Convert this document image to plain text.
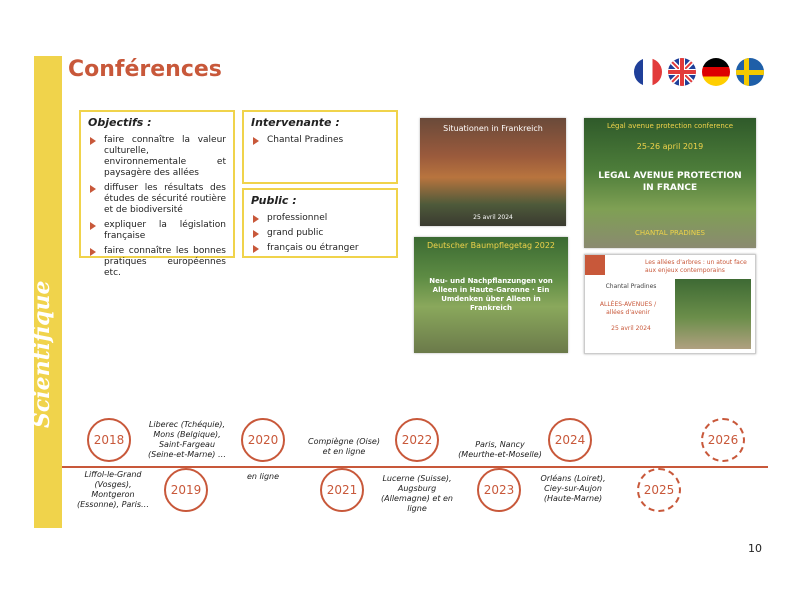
Scientifique
Conférences
Objectifs :
faire connaître la valeur culturelle, environnementale et paysagère des allées
diffuser les résultats des études de sécurité routière et de biodiversité
expliquer la législation française
faire connaître les bonnes pratiques européennes etc.
Intervenante :
Chantal Pradines
Public :
professionnel
grand public
français ou étranger
Situationen in Frankreich
25 avril 2024
Légal avenue protection conference
25-26 april 2019
LEGAL AVENUE PROTECTION IN FRANCE
CHANTAL PRADINES
Deutscher Baumpflegetag 2022
Neu- und Nachpflanzungen von Alleen in Haute-Garonne · Ein Umdenken über Alleen in Frankreich
Les allées d'arbres : un atout face aux enjeux contemporains
Chantal Pradines
ALLÉES-AVENUES / allées d'avenir
25 avril 2024
2018
2019
2020
2021
2022
2023
2024
2025
2026
Liffol-le-Grand (Vosges), Montgeron (Essonne), Paris…
Liberec (Tchéquie), Mons (Belgique), Saint-Fargeau (Seine-et-Marne) …
en ligne
Compiègne (Oise) et en ligne
Lucerne (Suisse), Augsburg (Allemagne) et en ligne
Paris, Nancy (Meurthe-et-Moselle)
Orléans (Loiret), Ciey-sur-Aujon (Haute-Marne)
10
